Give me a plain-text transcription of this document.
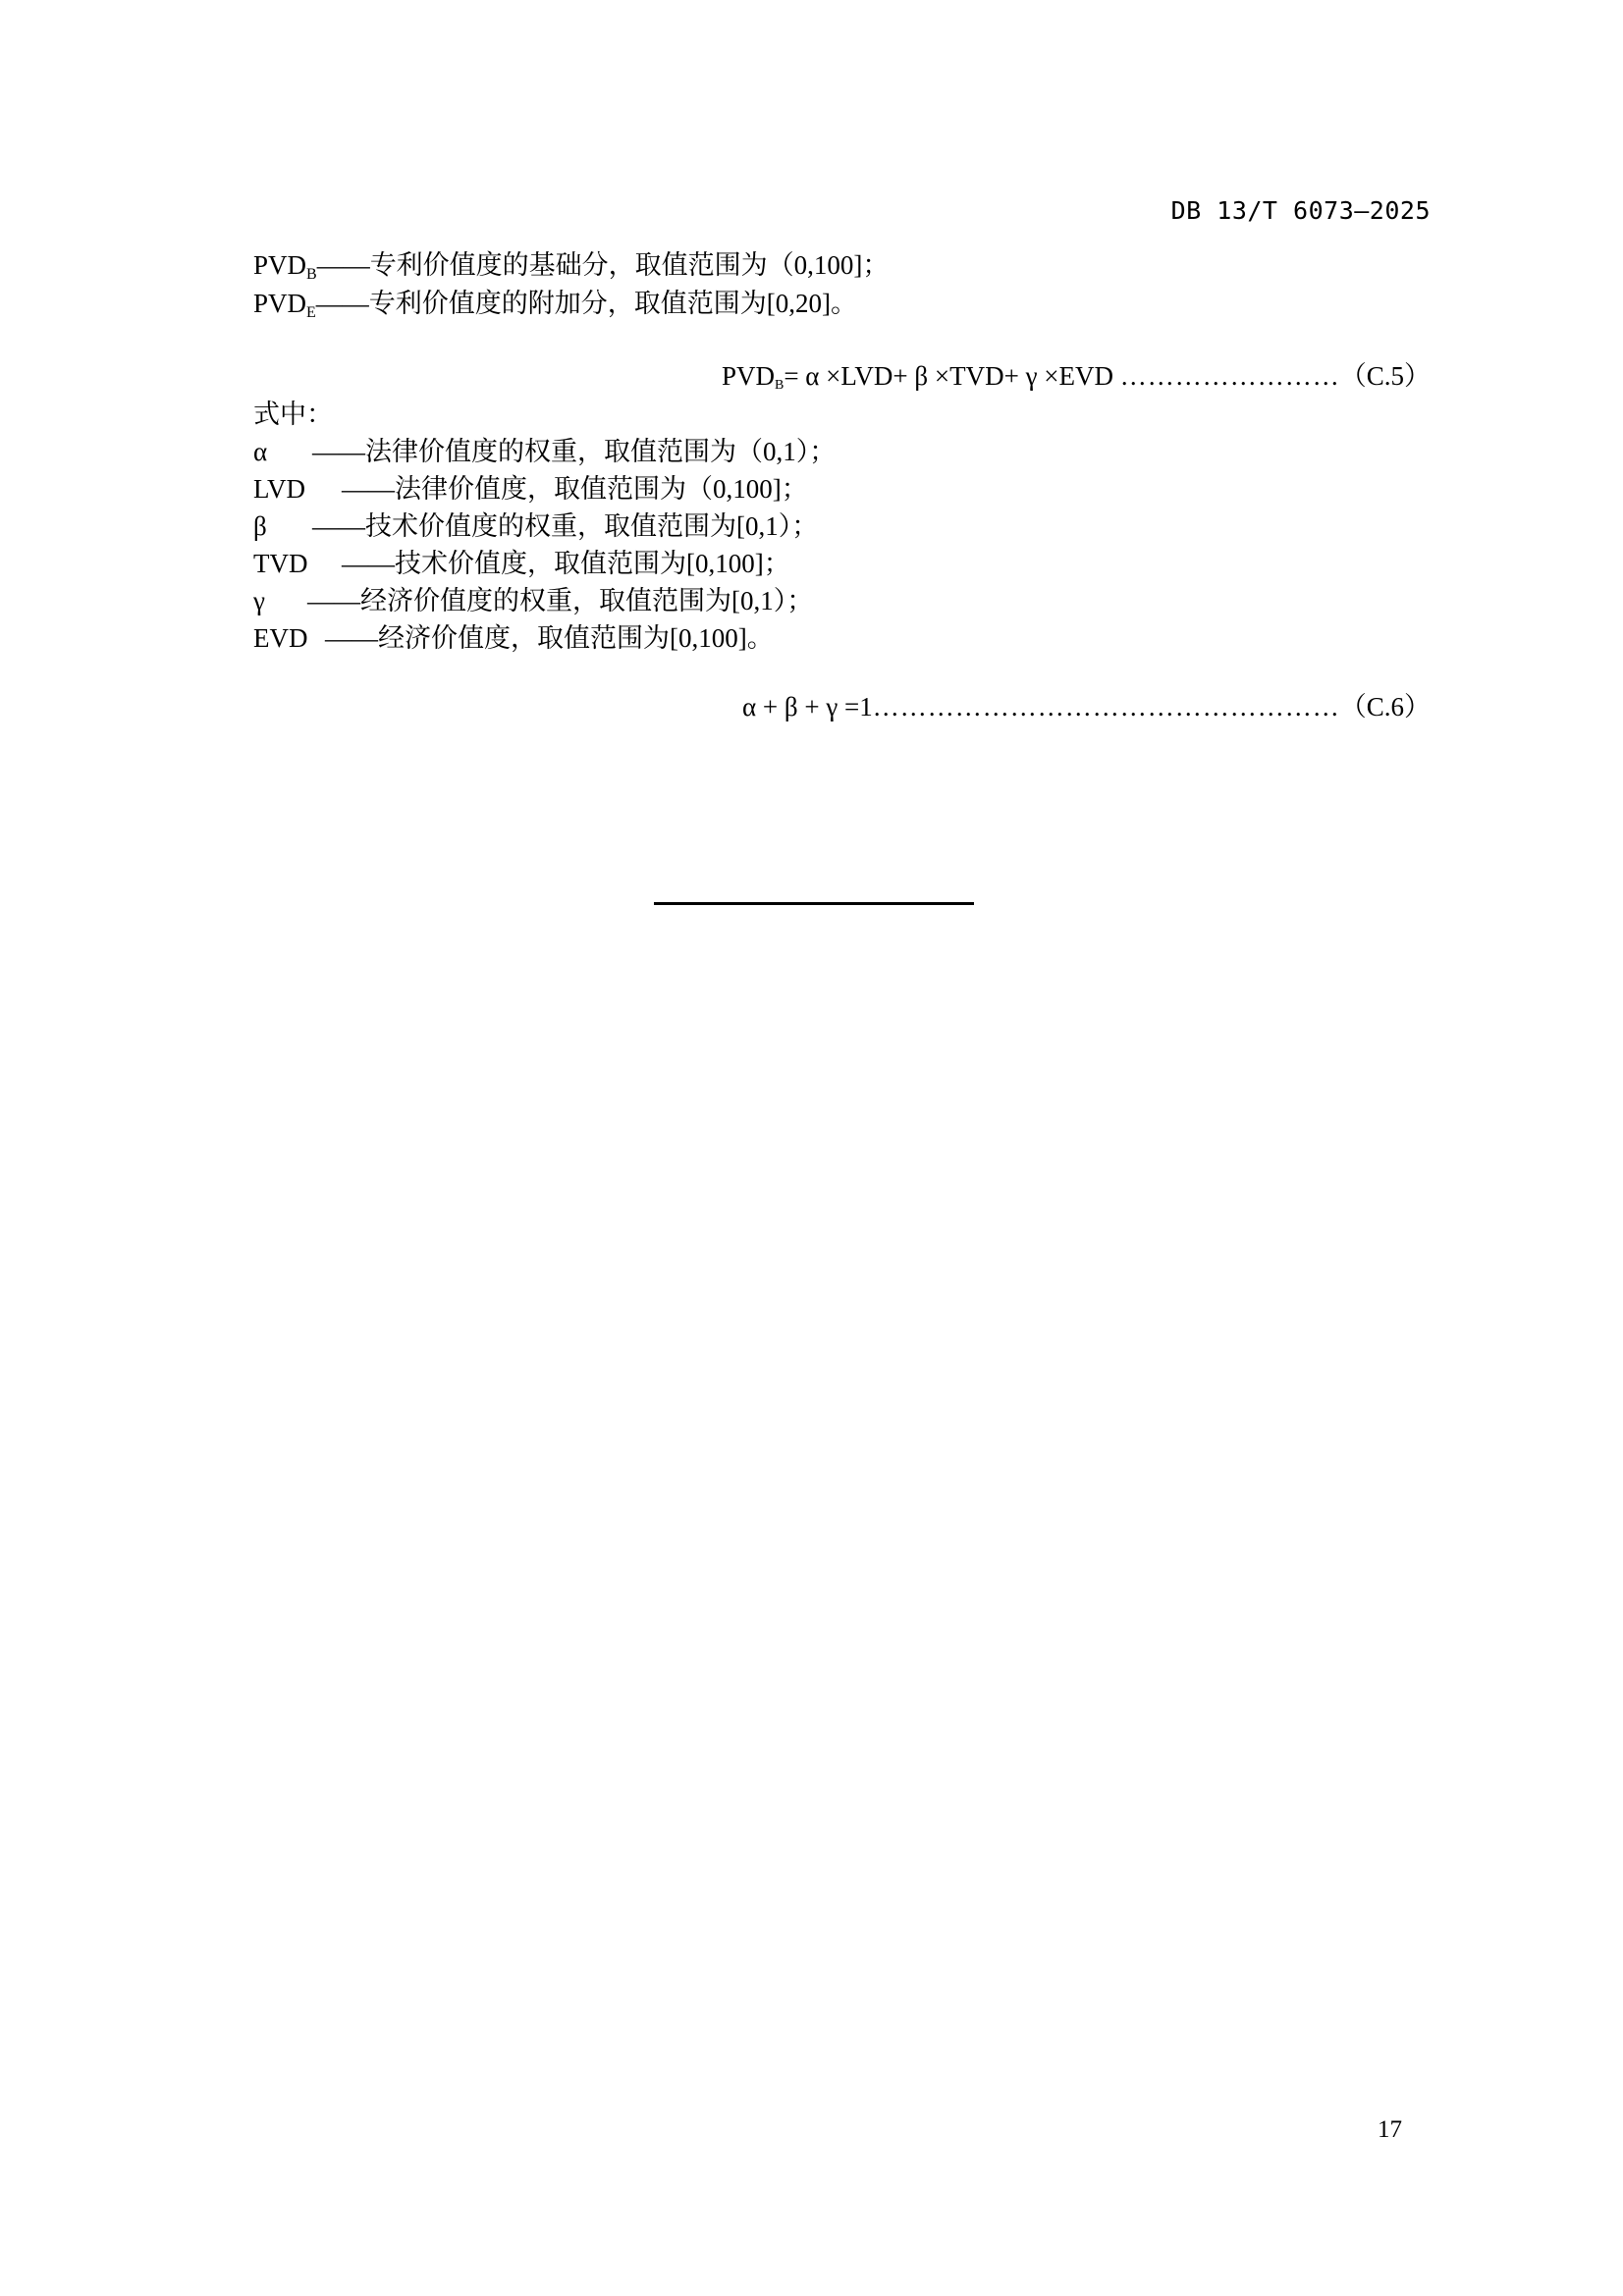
DB 13/T 6073—2025
$PVD_B——$专利价值度的基础分，取值范围为（0,100]；
$PVD_E——$专利价值度的附加分，取值范围为[0,20]。
$PVD_B= \alpha \times LVD+ \beta \times TVD+ \gamma \times EVD$ ……………………（C.5）
式中：
α ——法律价值度的权重，取值范围为（0,1）；
LVD ——法律价值度，取值范围为（0,100]；
β ——技术价值度的权重，取值范围为[0,1）；
TVD ——技术价值度，取值范围为[0,100]；
γ ——经济价值度的权重，取值范围为[0,1）；
EVD ——经济价值度，取值范围为[0,100]。
α + β + γ =1……………………………………………（C.6）
17
